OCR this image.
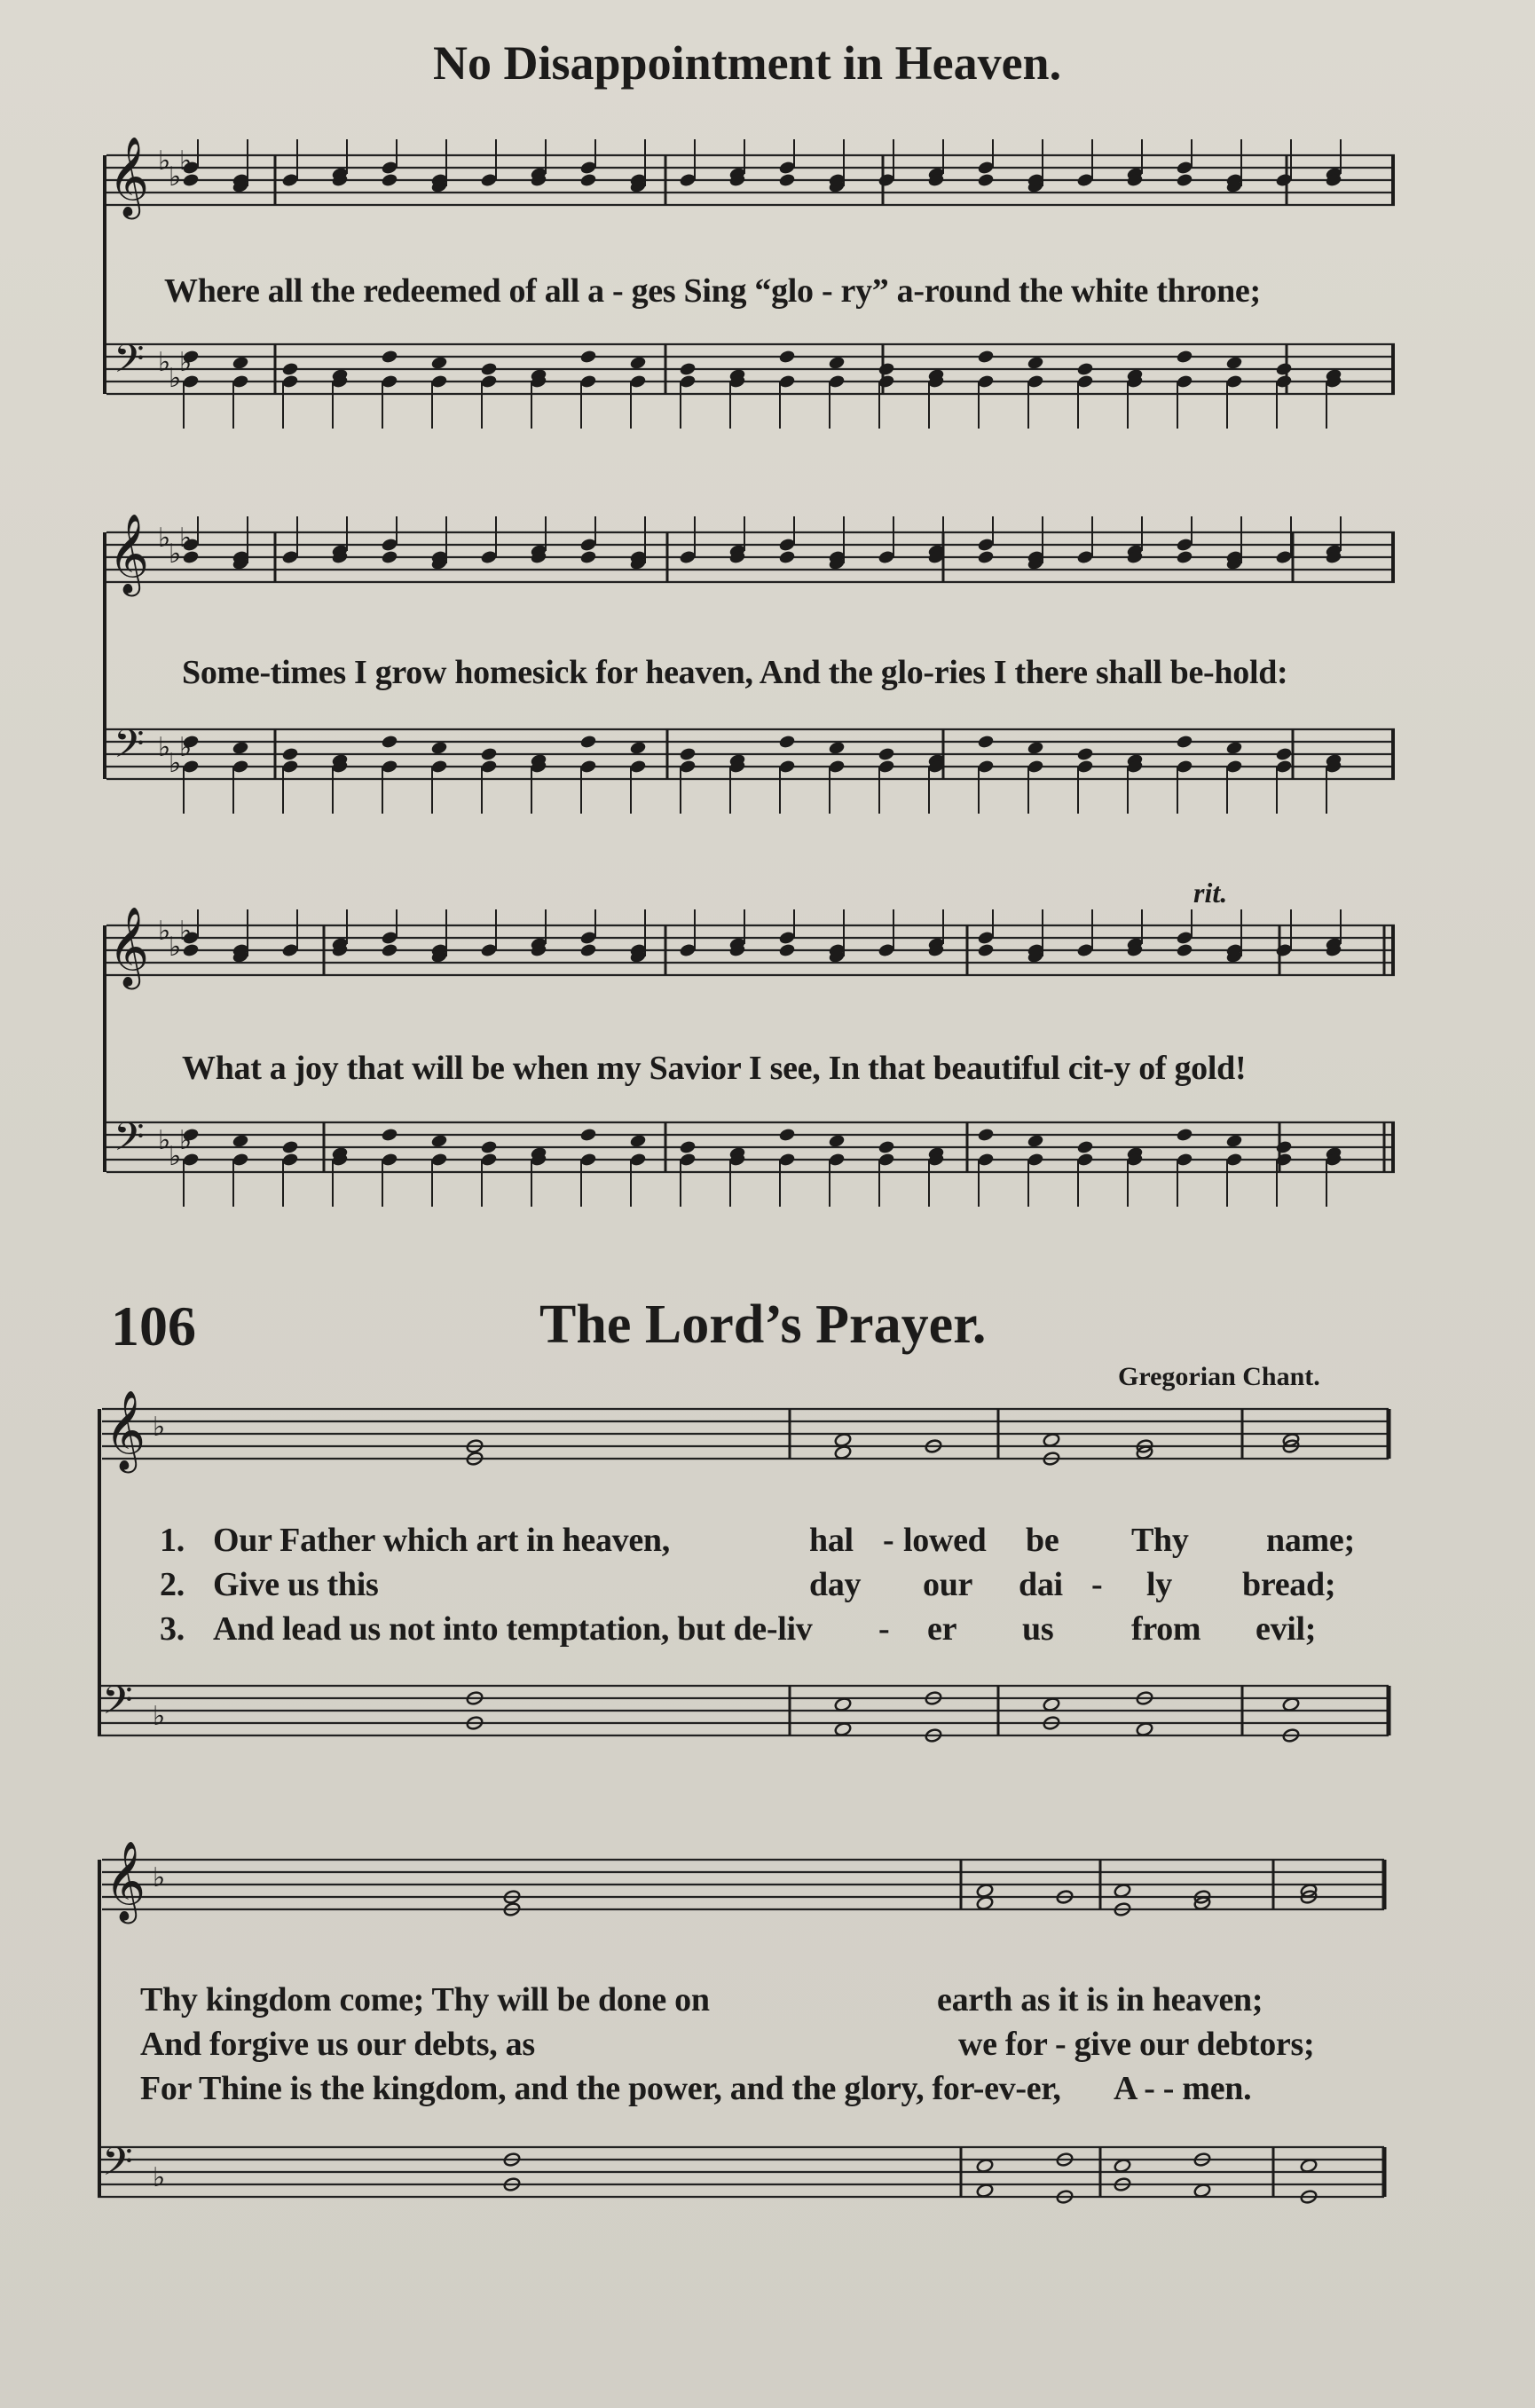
No Disappointment in Heaven.
Where all the redeemed of all a - ges Sing “glo - ry” a-round the white throne;
Some-times I grow homesick for heaven, And the glo-ries I there shall be-hold:
What a joy that will be when my Savior I see, In that beautiful cit-y of gold!
rit.
106	The Lord’s Prayer.
Gregorian Chant.
1. Our Father which art in heaven,	hal - lowed be Thy name;
2. Give us this	day our dai - ly bread;
3. And lead us not into temptation, but de-liv - er us from evil;
Thy kingdom come; Thy will be done on	earth as it is in heaven;
And forgive us our debts, as	we for - give our debtors;
For Thine is the kingdom, and the power, and the glory, for-ev-er, A - - men.
𝄞
𝄢
♭
♭
♭
♭
♭
♭
𝄞
𝄢
♭
♭
♭
♭
♭
♭
𝄞
𝄢
♭
♭
♭
♭
♭
♭
𝄞
𝄢
♭
♭
𝄞
𝄢
♭
♭
